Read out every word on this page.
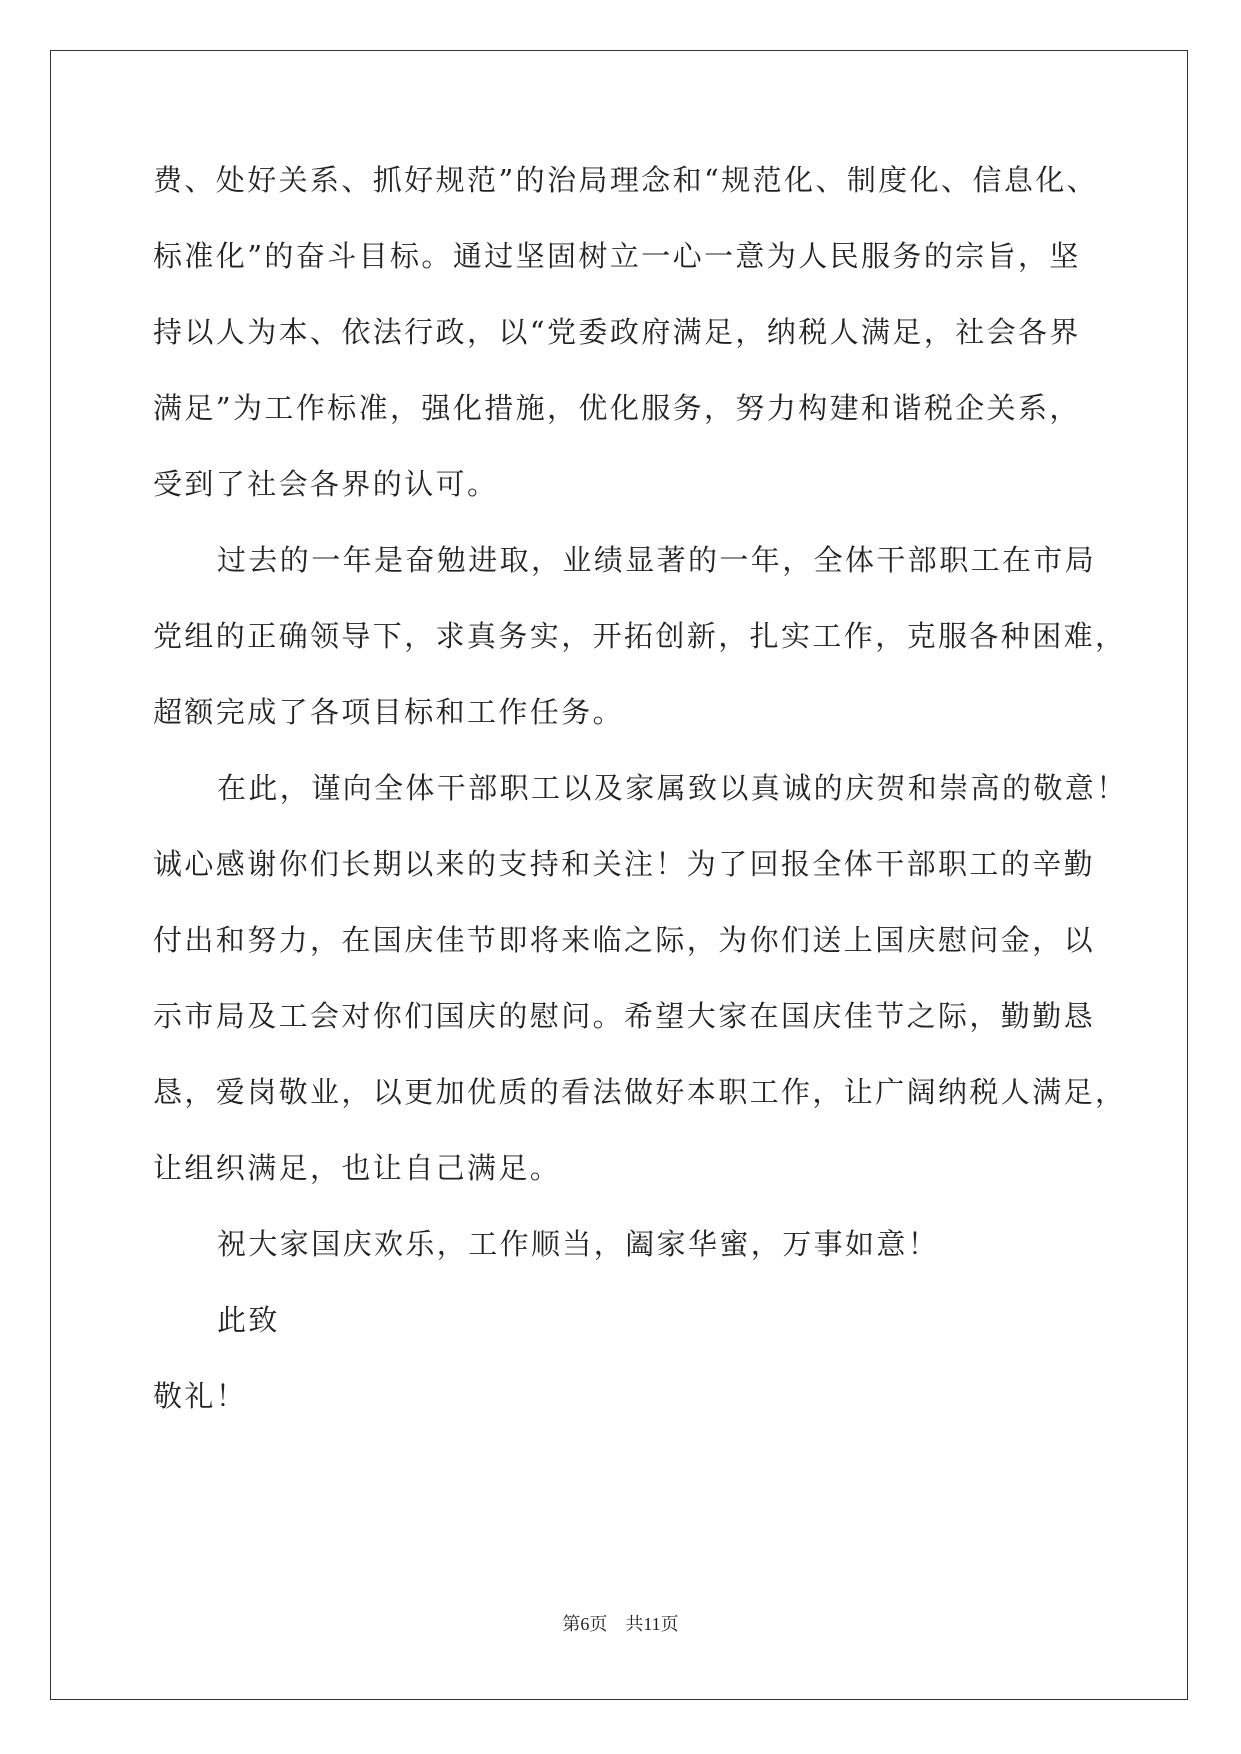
费、处好关系、抓好规范”的治局理念和“规范化、制度化、信息化、
标准化”的奋斗目标。通过坚固树立一心一意为人民服务的宗旨，坚
持以人为本、依法行政，以“党委政府满足，纳税人满足，社会各界
满足”为工作标准，强化措施，优化服务，努力构建和谐税企关系，
受到了社会各界的认可。
过去的一年是奋勉进取，业绩显著的一年，全体干部职工在市局
党组的正确领导下，求真务实，开拓创新，扎实工作，克服各种困难，
超额完成了各项目标和工作任务。
在此，谨向全体干部职工以及家属致以真诚的庆贺和崇高的敬意！
诚心感谢你们长期以来的支持和关注！为了回报全体干部职工的辛勤
付出和努力，在国庆佳节即将来临之际，为你们送上国庆慰问金，以
示市局及工会对你们国庆的慰问。希望大家在国庆佳节之际，勤勤恳
恳，爱岗敬业，以更加优质的看法做好本职工作，让广阔纳税人满足，
让组织满足，也让自己满足。
祝大家国庆欢乐，工作顺当，阖家华蜜，万事如意！
此致
敬礼！
第6页　共11页
